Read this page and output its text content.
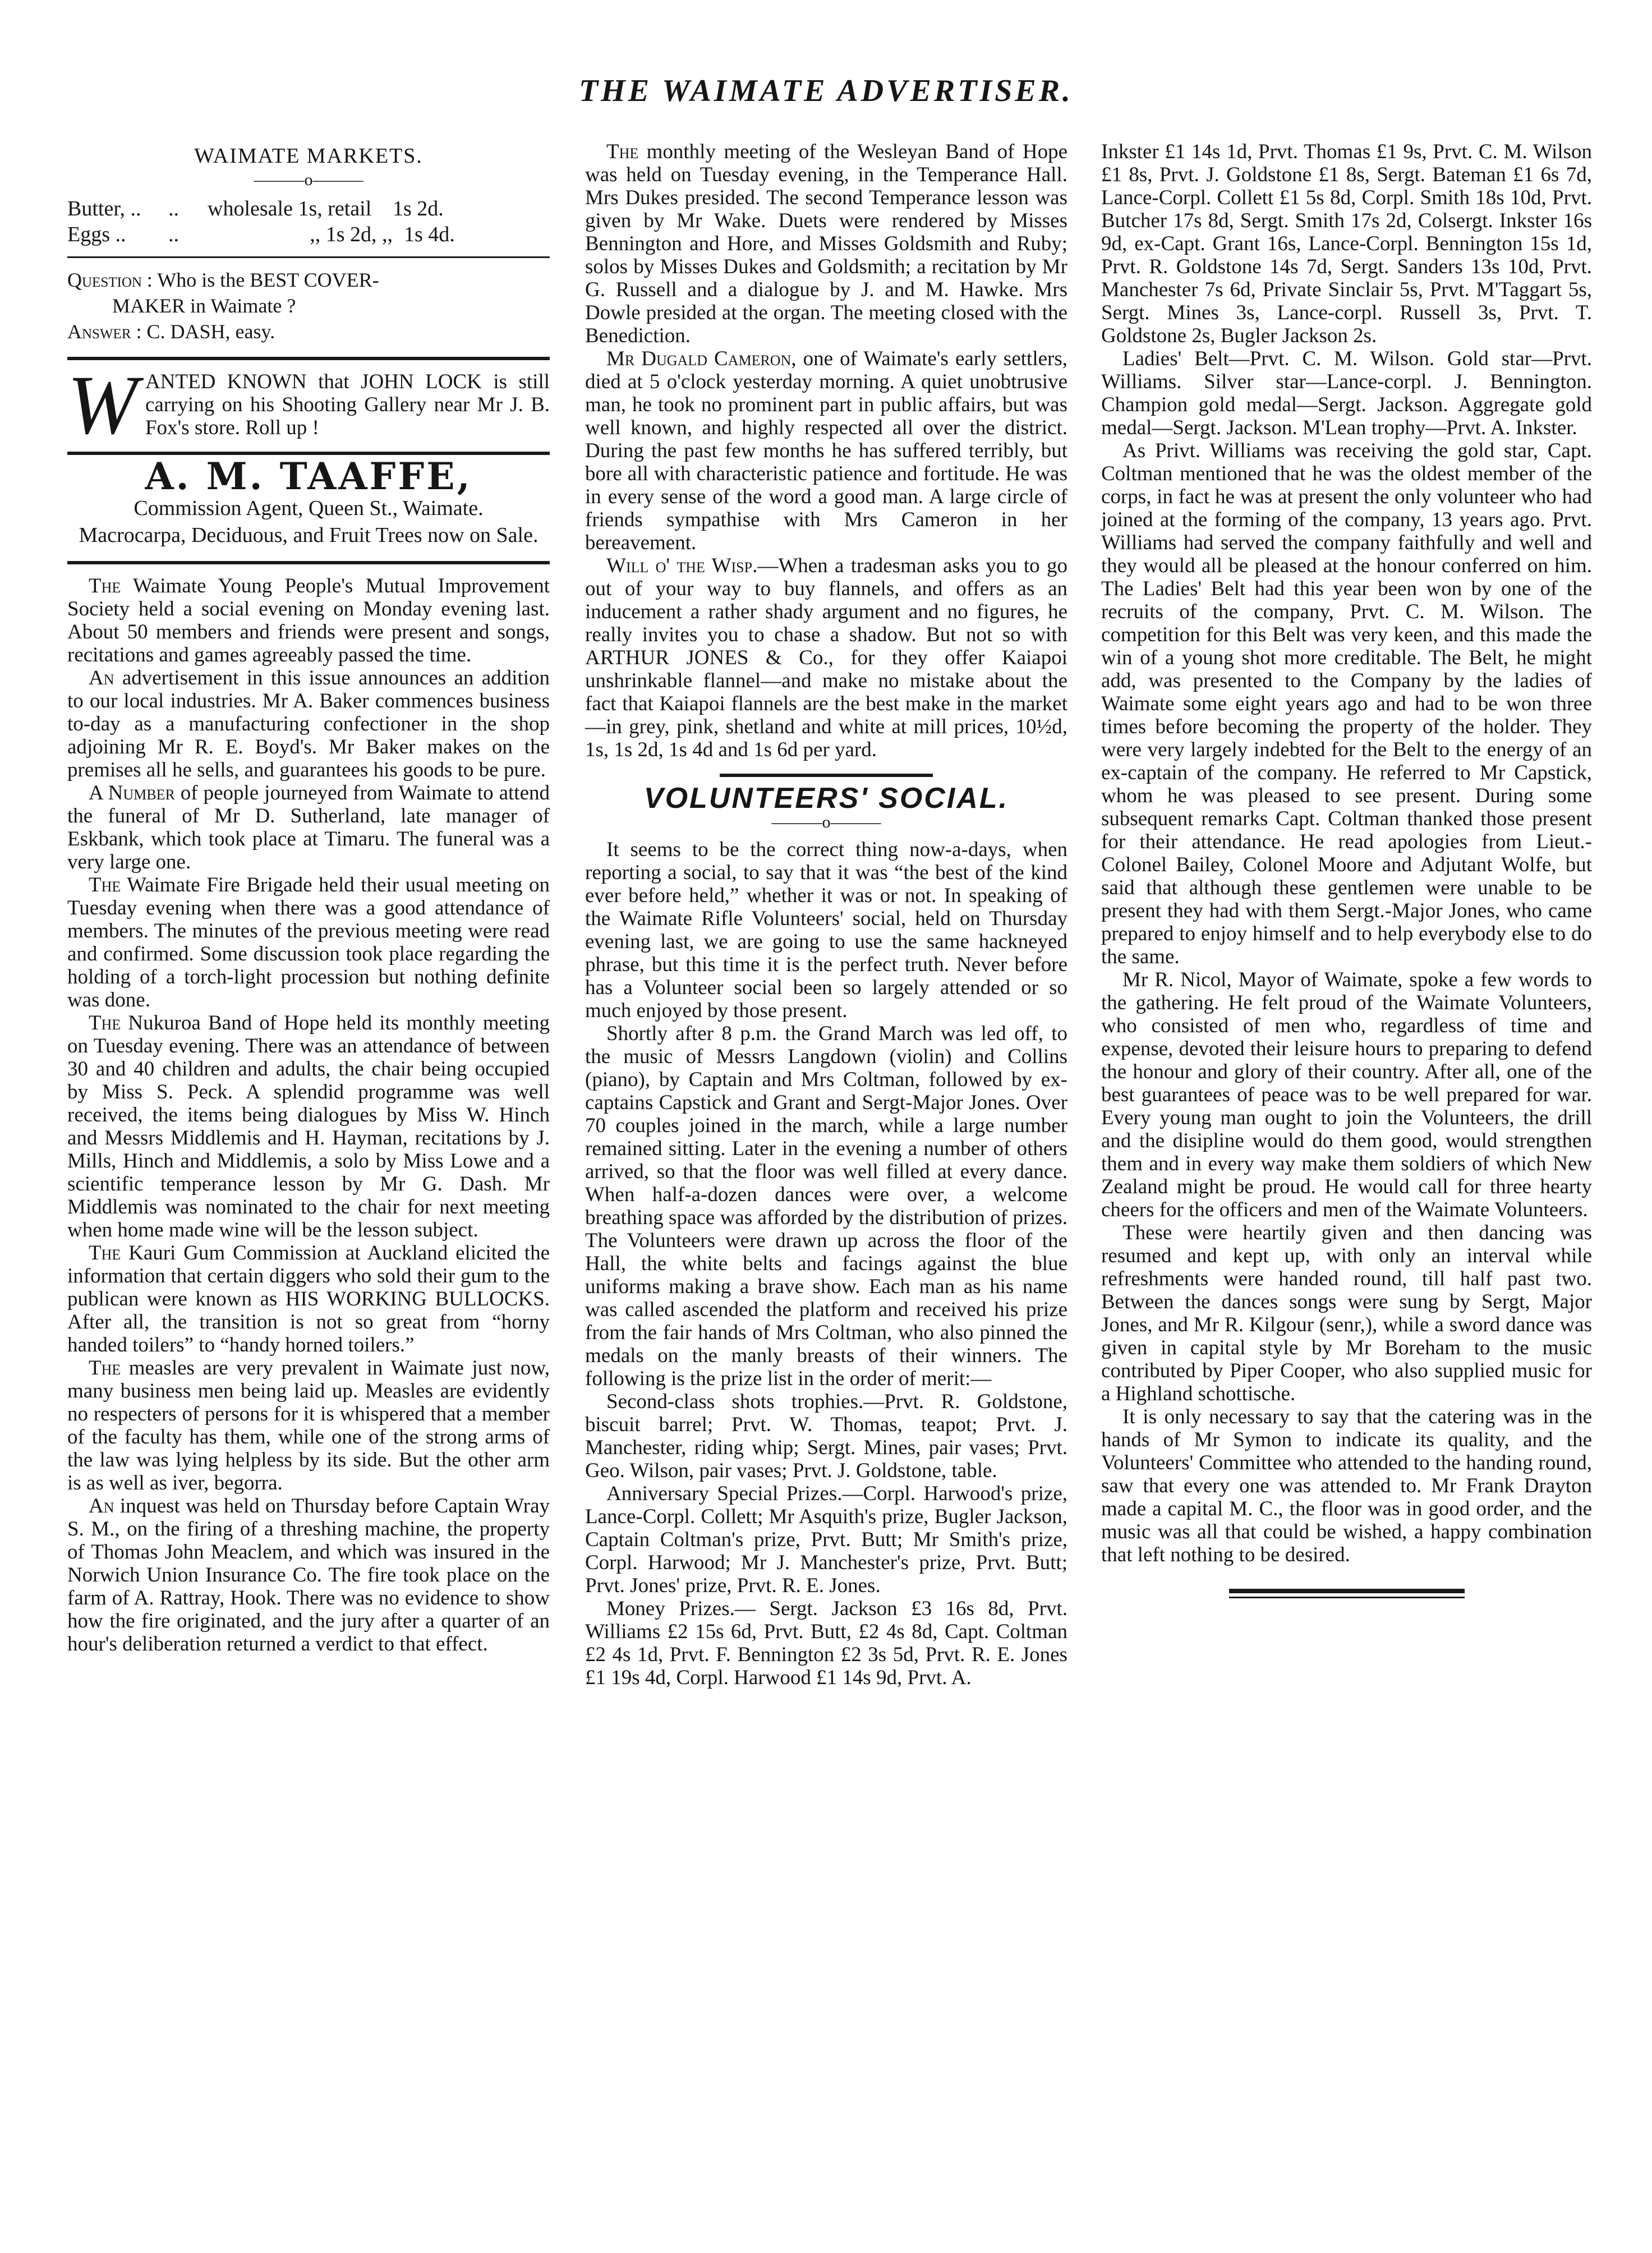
THE WAIMATE ADVERTISER.
WAIMATE MARKETS.
———o———
Butter, ..	..	wholesale 1s, retail 1s 2d.
Eggs ..	..	,, 1s 2d, ,, 1s 4d.

Question : Who is the BEST COVER-
MAKER in Waimate ?
Answer : C. DASH, easy.

W ANTED KNOWN that JOHN LOCK is still carrying on his Shooting Gallery near Mr J. B. Fox's store. Roll up !

A. M. TAAFFE,

Commission Agent, Queen St., Waimate.

Macrocarpa, Deciduous, and Fruit Trees now on Sale.

The Waimate Young People's Mutual Improvement Society held a social evening on Monday evening last. About 50 members and friends were present and songs, recitations and games agreeably passed the time.

An advertisement in this issue announces an addition to our local industries. Mr A. Baker commences business to-day as a manufacturing confectioner in the shop adjoining Mr R. E. Boyd's. Mr Baker makes on the premises all he sells, and guarantees his goods to be pure.

A Number of people journeyed from Waimate to attend the funeral of Mr D. Sutherland, late manager of Eskbank, which took place at Timaru. The funeral was a very large one.

The Waimate Fire Brigade held their usual meeting on Tuesday evening when there was a good attendance of members. The minutes of the previous meeting were read and confirmed. Some discussion took place regarding the holding of a torch-light procession but nothing definite was done.

The Nukuroa Band of Hope held its monthly meeting on Tuesday evening. There was an attendance of between 30 and 40 children and adults, the chair being occupied by Miss S. Peck. A splendid programme was well received, the items being dialogues by Miss W. Hinch and Messrs Middlemis and H. Hayman, recitations by J. Mills, Hinch and Middlemis, a solo by Miss Lowe and a scientific temperance lesson by Mr G. Dash. Mr Middlemis was nominated to the chair for next meeting when home made wine will be the lesson subject.

The Kauri Gum Commission at Auckland elicited the information that certain diggers who sold their gum to the publican were known as HIS WORKING BULLOCKS. After all, the transition is not so great from “horny handed toilers” to “handy horned toilers.”

The measles are very prevalent in Waimate just now, many business men being laid up. Measles are evidently no respecters of persons for it is whispered that a member of the faculty has them, while one of the strong arms of the law was lying helpless by its side. But the other arm is as well as iver, begorra.

An inquest was held on Thursday before Captain Wray S. M., on the firing of a threshing machine, the property of Thomas John Meaclem, and which was insured in the Norwich Union Insurance Co. The fire took place on the farm of A. Rattray, Hook. There was no evidence to show how the fire originated, and the jury after a quarter of an hour's deliberation returned a verdict to that effect.

The monthly meeting of the Wesleyan Band of Hope was held on Tuesday evening, in the Temperance Hall. Mrs Dukes presided. The second Temperance lesson was given by Mr Wake. Duets were rendered by Misses Bennington and Hore, and Misses Goldsmith and Ruby; solos by Misses Dukes and Goldsmith; a recitation by Mr G. Russell and a dialogue by J. and M. Hawke. Mrs Dowle presided at the organ. The meeting closed with the Benediction.

Mr Dugald Cameron, one of Waimate's early settlers, died at 5 o'clock yesterday morning. A quiet unobtrusive man, he took no prominent part in public affairs, but was well known, and highly respected all over the district. During the past few months he has suffered terribly, but bore all with characteristic patience and fortitude. He was in every sense of the word a good man. A large circle of friends sympathise with Mrs Cameron in her bereavement.

Will o' the Wisp.—When a tradesman asks you to go out of your way to buy flannels, and offers as an inducement a rather shady argument and no figures, he really invites you to chase a shadow. But not so with ARTHUR JONES & Co., for they offer Kaiapoi unshrinkable flannel—and make no mistake about the fact that Kaiapoi flannels are the best make in the market—in grey, pink, shetland and white at mill prices, 10½d, 1s, 1s 2d, 1s 4d and 1s 6d per yard.

VOLUNTEERS' SOCIAL.
———o———

It seems to be the correct thing now-a-days, when reporting a social, to say that it was “the best of the kind ever before held,” whether it was or not. In speaking of the Waimate Rifle Volunteers' social, held on Thursday evening last, we are going to use the same hackneyed phrase, but this time it is the perfect truth. Never before has a Volunteer social been so largely attended or so much enjoyed by those present.

Shortly after 8 p.m. the Grand March was led off, to the music of Messrs Langdown (violin) and Collins (piano), by Captain and Mrs Coltman, followed by ex-captains Capstick and Grant and Sergt-Major Jones. Over 70 couples joined in the march, while a large number remained sitting. Later in the evening a number of others arrived, so that the floor was well filled at every dance. When half-a-dozen dances were over, a welcome breathing space was afforded by the distribution of prizes. The Volunteers were drawn up across the floor of the Hall, the white belts and facings against the blue uniforms making a brave show. Each man as his name was called ascended the platform and received his prize from the fair hands of Mrs Coltman, who also pinned the medals on the manly breasts of their winners. The following is the prize list in the order of merit:—

Second-class shots trophies.—Prvt. R. Goldstone, biscuit barrel; Prvt. W. Thomas, teapot; Prvt. J. Manchester, riding whip; Sergt. Mines, pair vases; Prvt. Geo. Wilson, pair vases; Prvt. J. Goldstone, table.

Anniversary Special Prizes.—Corpl. Harwood's prize, Lance-Corpl. Collett; Mr Asquith's prize, Bugler Jackson, Captain Coltman's prize, Prvt. Butt; Mr Smith's prize, Corpl. Harwood; Mr J. Manchester's prize, Prvt. Butt; Prvt. Jones' prize, Prvt. R. E. Jones.

Money Prizes.— Sergt. Jackson £3 16s 8d, Prvt. Williams £2 15s 6d, Prvt. Butt, £2 4s 8d, Capt. Coltman £2 4s 1d, Prvt. F. Bennington £2 3s 5d, Prvt. R. E. Jones £1 19s 4d, Corpl. Harwood £1 14s 9d, Prvt. A.

Inkster £1 14s 1d, Prvt. Thomas £1 9s, Prvt. C. M. Wilson £1 8s, Prvt. J. Goldstone £1 8s, Sergt. Bateman £1 6s 7d, Lance-Corpl. Collett £1 5s 8d, Corpl. Smith 18s 10d, Prvt. Butcher 17s 8d, Sergt. Smith 17s 2d, Colsergt. Inkster 16s 9d, ex-Capt. Grant 16s, Lance-Corpl. Bennington 15s 1d, Prvt. R. Goldstone 14s 7d, Sergt. Sanders 13s 10d, Prvt. Manchester 7s 6d, Private Sinclair 5s, Prvt. M'Taggart 5s, Sergt. Mines 3s, Lance-corpl. Russell 3s, Prvt. T. Goldstone 2s, Bugler Jackson 2s.

Ladies' Belt—Prvt. C. M. Wilson. Gold star—Prvt. Williams. Silver star—Lance-corpl. J. Bennington. Champion gold medal—Sergt. Jackson. Aggregate gold medal—Sergt. Jackson. M'Lean trophy—Prvt. A. Inkster.

As Privt. Williams was receiving the gold star, Capt. Coltman mentioned that he was the oldest member of the corps, in fact he was at present the only volunteer who had joined at the forming of the company, 13 years ago. Prvt. Williams had served the company faithfully and well and they would all be pleased at the honour conferred on him. The Ladies' Belt had this year been won by one of the recruits of the company, Prvt. C. M. Wilson. The competition for this Belt was very keen, and this made the win of a young shot more creditable. The Belt, he might add, was presented to the Company by the ladies of Waimate some eight years ago and had to be won three times before becoming the property of the holder. They were very largely indebted for the Belt to the energy of an ex-captain of the company. He referred to Mr Capstick, whom he was pleased to see present. During some subsequent remarks Capt. Coltman thanked those present for their attendance. He read apologies from Lieut.-Colonel Bailey, Colonel Moore and Adjutant Wolfe, but said that although these gentlemen were unable to be present they had with them Sergt.-Major Jones, who came prepared to enjoy himself and to help everybody else to do the same.

Mr R. Nicol, Mayor of Waimate, spoke a few words to the gathering. He felt proud of the Waimate Volunteers, who consisted of men who, regardless of time and expense, devoted their leisure hours to preparing to defend the honour and glory of their country. After all, one of the best guarantees of peace was to be well prepared for war. Every young man ought to join the Volunteers, the drill and the disipline would do them good, would strengthen them and in every way make them soldiers of which New Zealand might be proud. He would call for three hearty cheers for the officers and men of the Waimate Volunteers.

These were heartily given and then dancing was resumed and kept up, with only an interval while refreshments were handed round, till half past two. Between the dances songs were sung by Sergt, Major Jones, and Mr R. Kilgour (senr,), while a sword dance was given in capital style by Mr Boreham to the music contributed by Piper Cooper, who also supplied music for a Highland schottische.

It is only necessary to say that the catering was in the hands of Mr Symon to indicate its quality, and the Volunteers' Committee who attended to the handing round, saw that every one was attended to. Mr Frank Drayton made a capital M. C., the floor was in good order, and the music was all that could be wished, a happy combination that left nothing to be desired.
